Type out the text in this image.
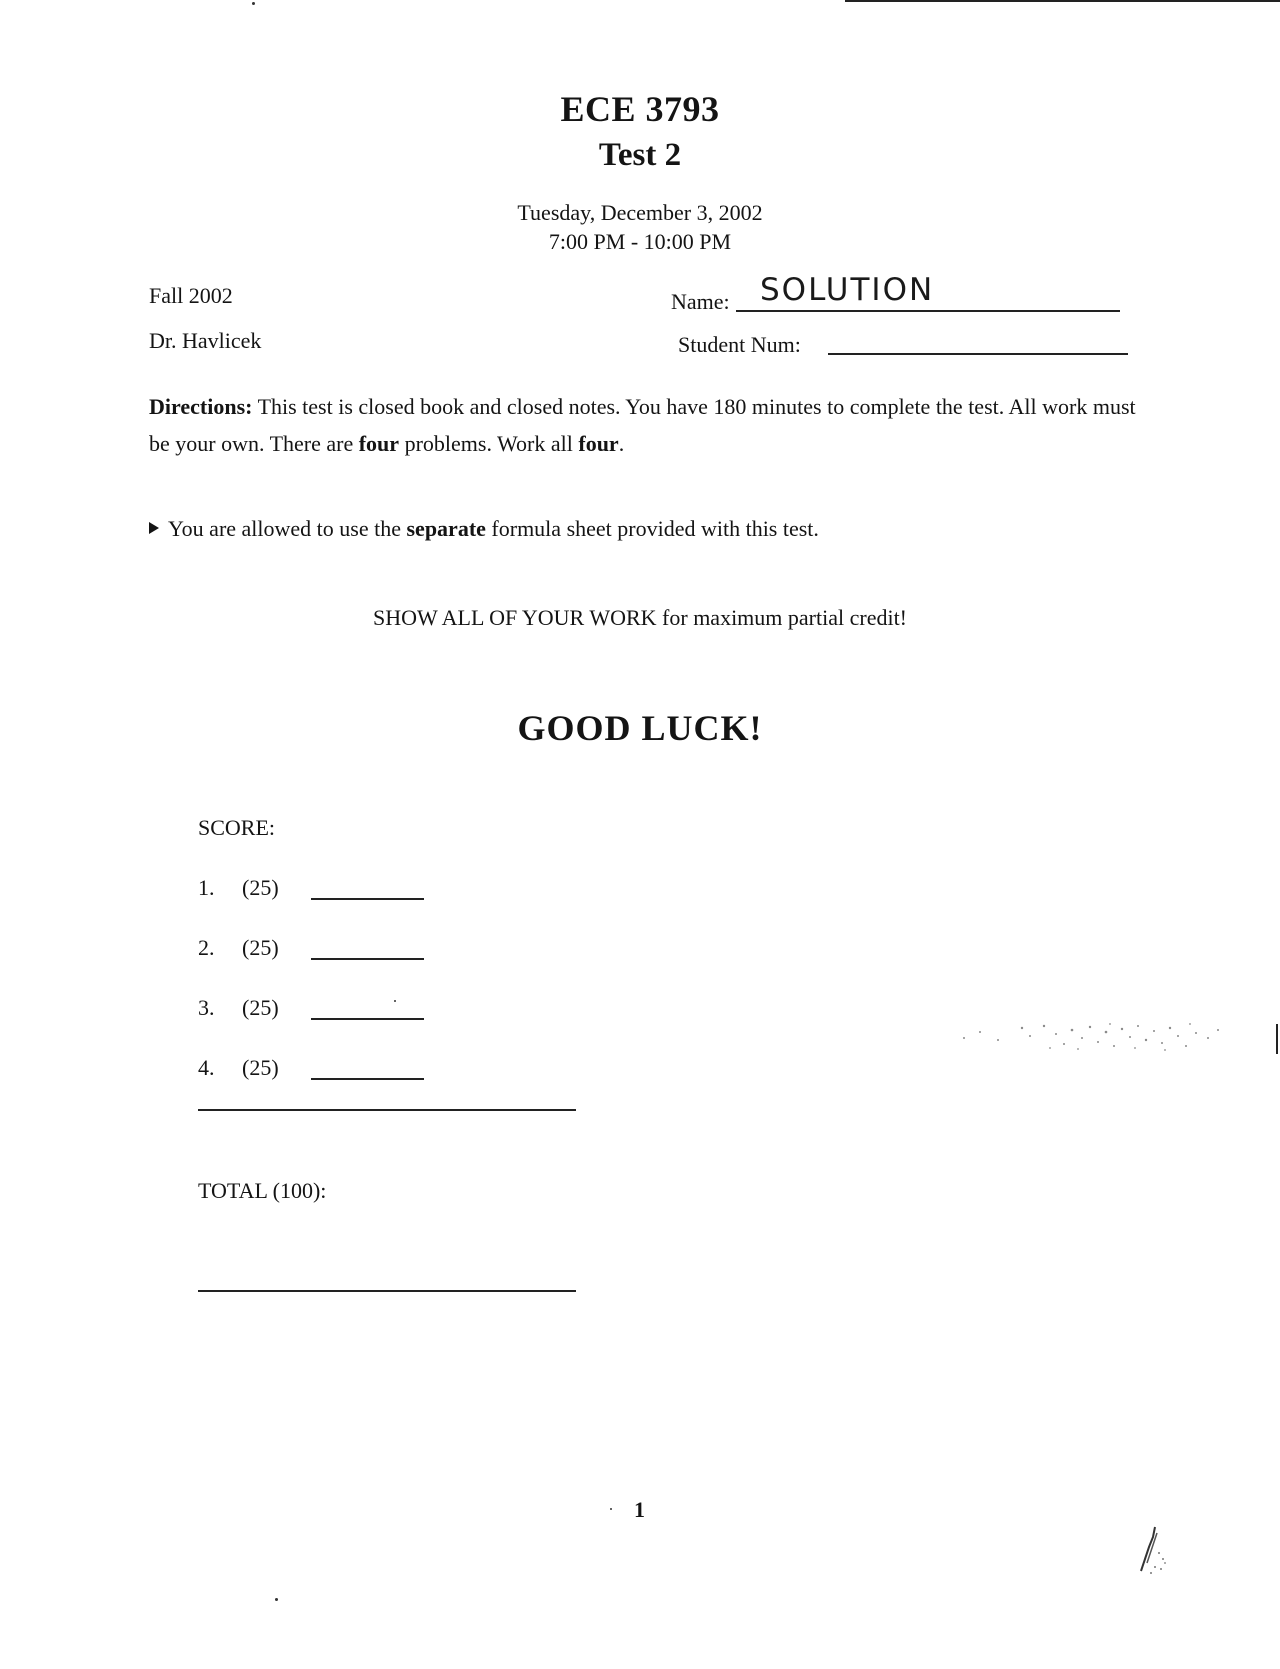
ECE 3793
Test 2
Tuesday, December 3, 2002
7:00 PM - 10:00 PM
Fall 2002
Dr. Havlicek
Name: SOLUTION
Student Num:
Directions: This test is closed book and closed notes. You have 180 minutes to complete the test. All work must be your own. There are four problems. Work all four.
You are allowed to use the separate formula sheet provided with this test.
SHOW ALL OF YOUR WORK for maximum partial credit!
GOOD LUCK!
SCORE:
1. (25)
2. (25)
3. (25)
4. (25)
TOTAL (100):
1
